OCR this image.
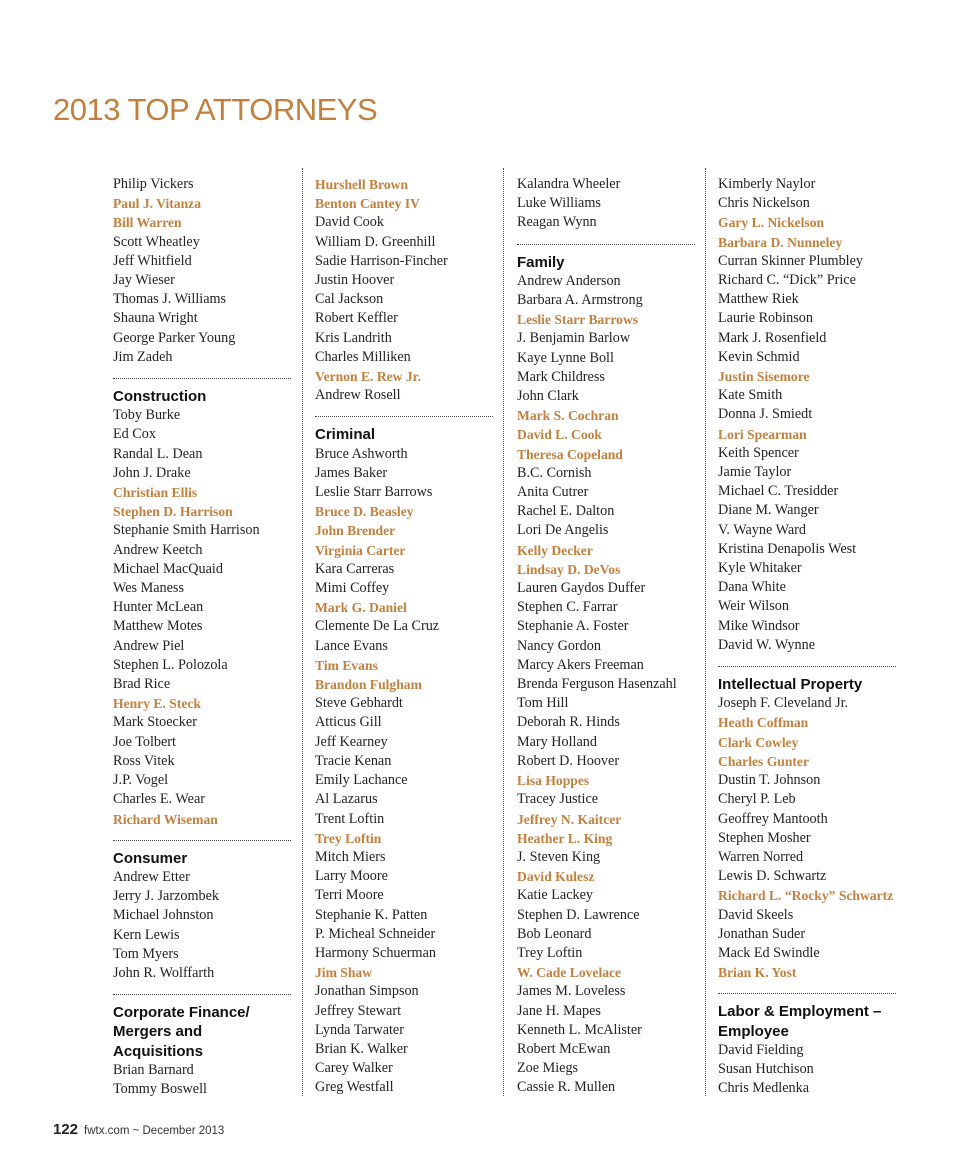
2013 TOP ATTORNEYS
Philip Vickers
Paul J. Vitanza
Bill Warren
Scott Wheatley
Jeff Whitfield
Jay Wieser
Thomas J. Williams
Shauna Wright
George Parker Young
Jim Zadeh
Construction
Toby Burke
Ed Cox
Randal L. Dean
John J. Drake
Christian Ellis
Stephen D. Harrison
Stephanie Smith Harrison
Andrew Keetch
Michael MacQuaid
Wes Maness
Hunter McLean
Matthew Motes
Andrew Piel
Stephen L. Polozola
Brad Rice
Henry E. Steck
Mark Stoecker
Joe Tolbert
Ross Vitek
J.P. Vogel
Charles E. Wear
Richard Wiseman
Consumer
Andrew Etter
Jerry J. Jarzombek
Michael Johnston
Kern Lewis
Tom Myers
John R. Wolffarth
Corporate Finance/
Mergers and
Acquisitions
Brian Barnard
Tommy Boswell
Hurshell Brown
Benton Cantey IV
David Cook
William D. Greenhill
Sadie Harrison-Fincher
Justin Hoover
Cal Jackson
Robert Keffler
Kris Landrith
Charles Milliken
Vernon E. Rew Jr.
Andrew Rosell
Criminal
Bruce Ashworth
James Baker
Leslie Starr Barrows
Bruce D. Beasley
John Brender
Virginia Carter
Kara Carreras
Mimi Coffey
Mark G. Daniel
Clemente De La Cruz
Lance Evans
Tim Evans
Brandon Fulgham
Steve Gebhardt
Atticus Gill
Jeff Kearney
Tracie Kenan
Emily Lachance
Al Lazarus
Trent Loftin
Trey Loftin
Mitch Miers
Larry Moore
Terri Moore
Stephanie K. Patten
P. Micheal Schneider
Harmony Schuerman
Jim Shaw
Jonathan Simpson
Jeffrey Stewart
Lynda Tarwater
Brian K. Walker
Carey Walker
Greg Westfall
Kalandra Wheeler
Luke Williams
Reagan Wynn
Family
Andrew Anderson
Barbara A. Armstrong
Leslie Starr Barrows
J. Benjamin Barlow
Kaye Lynne Boll
Mark Childress
John Clark
Mark S. Cochran
David L. Cook
Theresa Copeland
B.C. Cornish
Anita Cutrer
Rachel E. Dalton
Lori De Angelis
Kelly Decker
Lindsay D. DeVos
Lauren Gaydos Duffer
Stephen C. Farrar
Stephanie A. Foster
Nancy Gordon
Marcy Akers Freeman
Brenda Ferguson Hasenzahl
Tom Hill
Deborah R. Hinds
Mary Holland
Robert D. Hoover
Lisa Hoppes
Tracey Justice
Jeffrey N. Kaitcer
Heather L. King
J. Steven King
David Kulesz
Katie Lackey
Stephen D. Lawrence
Bob Leonard
Trey Loftin
W. Cade Lovelace
James M. Loveless
Jane H. Mapes
Kenneth L. McAlister
Robert McEwan
Zoe Miegs
Cassie R. Mullen
Kimberly Naylor
Chris Nickelson
Gary L. Nickelson
Barbara D. Nunneley
Curran Skinner Plumbley
Richard C. “Dick” Price
Matthew Riek
Laurie Robinson
Mark J. Rosenfield
Kevin Schmid
Justin Sisemore
Kate Smith
Donna J. Smiedt
Lori Spearman
Keith Spencer
Jamie Taylor
Michael C. Tresidder
Diane M. Wanger
V. Wayne Ward
Kristina Denapolis West
Kyle Whitaker
Dana White
Weir Wilson
Mike Windsor
David W. Wynne
Intellectual Property
Joseph F. Cleveland Jr.
Heath Coffman
Clark Cowley
Charles Gunter
Dustin T. Johnson
Cheryl P. Leb
Geoffrey Mantooth
Stephen Mosher
Warren Norred
Lewis D. Schwartz
Richard L. “Rocky” Schwartz
David Skeels
Jonathan Suder
Mack Ed Swindle
Brian K. Yost
Labor & Employment –
Employee
David Fielding
Susan Hutchison
Chris Medlenka
122 fwtx.com ~ December 2013
